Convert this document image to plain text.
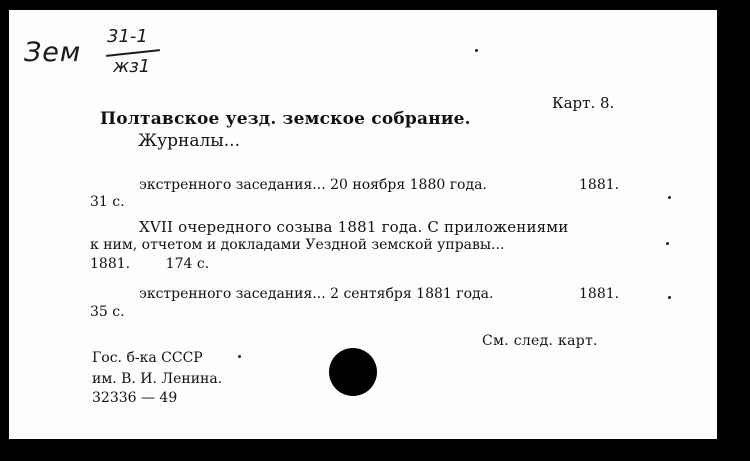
Зем
31-1
жз1
Карт. 8.
Полтавское уезд. земское собрание.
Журналы...
экстренного заседания... 20 ноября 1880 года.	1881.
31 с.
XVII очередного созыва 1881 года. С приложениями
к ним, отчетом и докладами Уездной земской управы...
1881.        174 с.
экстренного заседания... 2 сентября 1881 года.	1881.
35 с.
См. след. карт.
Гос. б-ка СССР
им. В. И. Ленина.
32336 — 49
